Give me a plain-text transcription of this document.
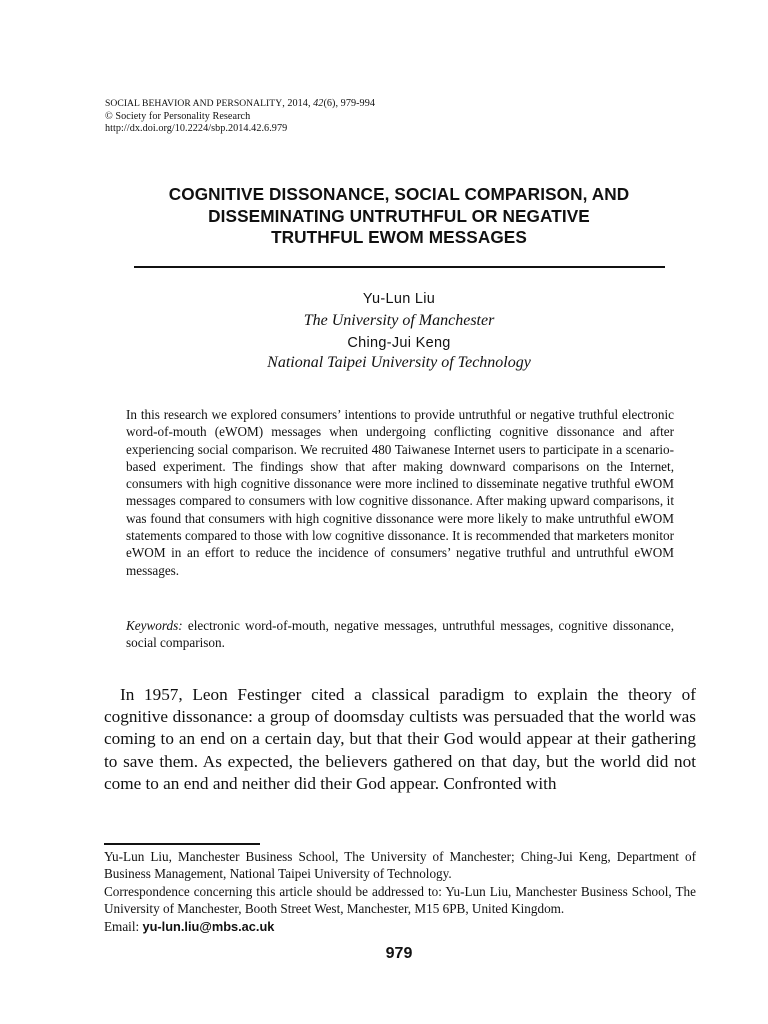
SOCIAL BEHAVIOR AND PERSONALITY, 2014, 42(6), 979-994
© Society for Personality Research
http://dx.doi.org/10.2224/sbp.2014.42.6.979
COGNITIVE DISSONANCE, SOCIAL COMPARISON, AND
DISSEMINATING UNTRUTHFUL OR NEGATIVE
TRUTHFUL EWOM MESSAGES
Yu-Lun Liu
The University of Manchester
Ching-Jui Keng
National Taipei University of Technology

In this research we explored consumers’ intentions to provide untruthful or negative truthful electronic word-of-mouth (eWOM) messages when undergoing conflicting cognitive dissonance and after experiencing social comparison. We recruited 480 Taiwanese Internet users to participate in a scenario-based experiment. The findings show that after making downward comparisons on the Internet, consumers with high cognitive dissonance were more inclined to disseminate negative truthful eWOM messages compared to consumers with low cognitive dissonance. After making upward comparisons, it was found that consumers with high cognitive dissonance were more likely to make untruthful eWOM statements compared to those with low cognitive dissonance. It is recommended that marketers monitor eWOM in an effort to reduce the incidence of consumers’ negative truthful and untruthful eWOM messages.

Keywords: electronic word-of-mouth, negative messages, untruthful messages, cognitive dissonance, social comparison.

In 1957, Leon Festinger cited a classical paradigm to explain the theory of cognitive dissonance: a group of doomsday cultists was persuaded that the world was coming to an end on a certain day, but that their God would appear at their gathering to save them. As expected, the believers gathered on that day, but the world did not come to an end and neither did their God appear. Confronted with

Yu-Lun Liu, Manchester Business School, The University of Manchester; Ching-Jui Keng, Department of Business Management, National Taipei University of Technology.

Correspondence concerning this article should be addressed to: Yu-Lun Liu, Manchester Business School, The University of Manchester, Booth Street West, Manchester, M15 6PB, United Kingdom.

Email: yu-lun.liu@mbs.ac.uk

979
